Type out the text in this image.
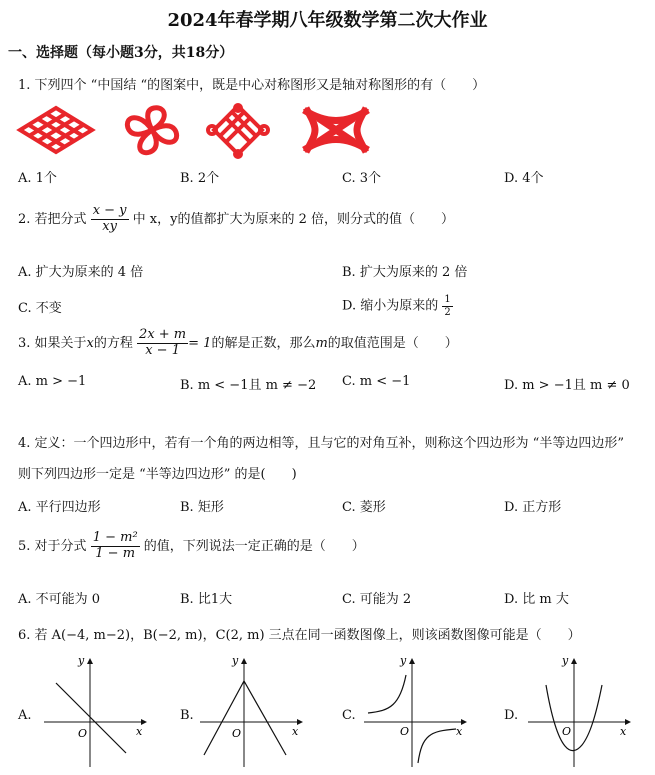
2024年春学期八年级数学第二次大作业
一、选择题（每小题3分，共18分）
1. 下列四个 “中国结 “的图案中，既是中心对称图形又是轴对称图形的有（　　）
A. 1个	B. 2个	C. 3个	D. 4个
2. 若把分式 $\frac{x - y}{xy}$ 中 x，y的值都扩大为原来的 2 倍，则分式的值（　　）
A. 扩大为原来的 4 倍	B. 扩大为原来的 2 倍
C. 不变	D. 缩小为原来的 $\frac{1}{2}$
3. 如果关于x的方程 $\frac{2x + m}{x - 1} = 1$的解是正数，那么m的取值范围是（　　）
A. m > −1	B. m < −1且 m ≠ −2 C. m < −1	D. m > −1且 m ≠ 0
4. 定义：一个四边形中，若有一个角的两边相等，且与它的对角互补，则称这个四边形为 “半等边四边形”
则下列四边形一定是 “半等边四边形” 的是(　　)
A. 平行四边形	B. 矩形	C. 菱形	D. 正方形
5. 对于分式 $\frac{\text{1 − m²}}{1 - m}$ 的值，下列说法一定正确的是（　　）
A. 不可能为 0	B. 比1大	C. 可能为 2	D. 比 m 大
6. 若 A(−4, m−2)，B(−2, m)，C(2, m) 三点在同一函数图像上，则该函数图像可能是（　　）
A.	B.	C.	D.
y
x
O
y
x
O
y
x
O
y
x
O
